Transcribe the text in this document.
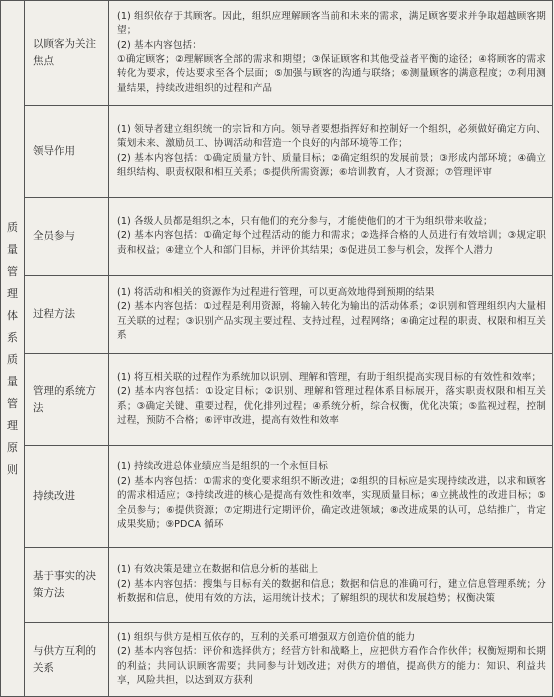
质量管理体系质量管理原则	以顾客为关注焦点	(1) 组织依存于其顾客。因此，组织应理解顾客当前和未来的需求，满足顾客要求并争取超越顾客期望；
(2) 基本内容包括：
①确定顾客；②理解顾客全部的需求和期望；③保证顾客和其他受益者平衡的途径；④将顾客的需求转化为要求，传达要求至各个层面；⑤加强与顾客的沟通与联络；⑥测量顾客的满意程度；⑦利用测量结果，持续改进组织的过程和产品

	领导作用	(1) 领导者建立组织统一的宗旨和方向。领导者要想指挥好和控制好一个组织，必须做好确定方向、策划未来、激励员工、协调活动和营造一个良好的内部环境等工作；
(2) 基本内容包括：①确定质量方针、质量目标；②确定组织的发展前景；③形成内部环境；④确立组织结构、职责权限和相互关系；⑤提供所需资源；⑥培训教育，人才资源；⑦管理评审

	全员参与	(1) 各级人员都是组织之本，只有他们的充分参与，才能使他们的才干为组织带来收益；
(2) 基本内容包括：①确定每个过程活动的能力和需求；②选择合格的人员进行有效培训；③规定职责和权益；④建立个人和部门目标，并评价其结果；⑤促进员工参与机会，发挥个人潜力

	过程方法	(1) 将活动和相关的资源作为过程进行管理，可以更高效地得到预期的结果
(2) 基本内容包括：①过程是利用资源，将输入转化为输出的活动体系；②识别和管理组织内大量相互关联的过程；③识别产品实现主要过程、支持过程，过程网络；④确定过程的职责、权限和相互关系

	管理的系统方法	(1) 将互相关联的过程作为系统加以识别、理解和管理，有助于组织提高实现目标的有效性和效率；
(2) 基本内容包括：①设定目标；②识别、理解和管理过程体系目标展开，落实职责权限和相互关系；③确定关键、重要过程，优化排列过程；④系统分析，综合权衡，优化决策；⑤监视过程，控制过程，预防不合格；⑥评审改进，提高有效性和效率

	持续改进	(1) 持续改进总体业绩应当是组织的一个永恒目标
(2) 基本内容包括：①需求的变化要求组织不断改进；②组织的目标应是实现持续改进，以求和顾客的需求相适应；③持续改进的核心是提高有效性和效率，实现质量目标；④立挑战性的改进目标；⑤全员参与；⑥提供资源；⑦定期进行定期评价，确定改进领域；⑧改进成果的认可，总结推广，肯定成果奖励；⑨PDCA 循环

	基于事实的决策方法	(1) 有效决策是建立在数据和信息分析的基础上
(2) 基本内容包括：搜集与目标有关的数据和信息；数据和信息的准确可行，建立信息管理系统；分析数据和信息，使用有效的方法，运用统计技术；了解组织的现状和发展趋势；权衡决策

	与供方互利的关系	(1) 组织与供方是相互依存的，互利的关系可增强双方创造价值的能力
(2) 基本内容包括：评价和选择供方；经营方针和战略上，应把供方看作合作伙伴；权衡短期和长期的利益；共同认识顾客需要；共同参与计划改进；对供方的增值，提高供方的能力：知识、利益共享，风险共担，以达到双方获利
